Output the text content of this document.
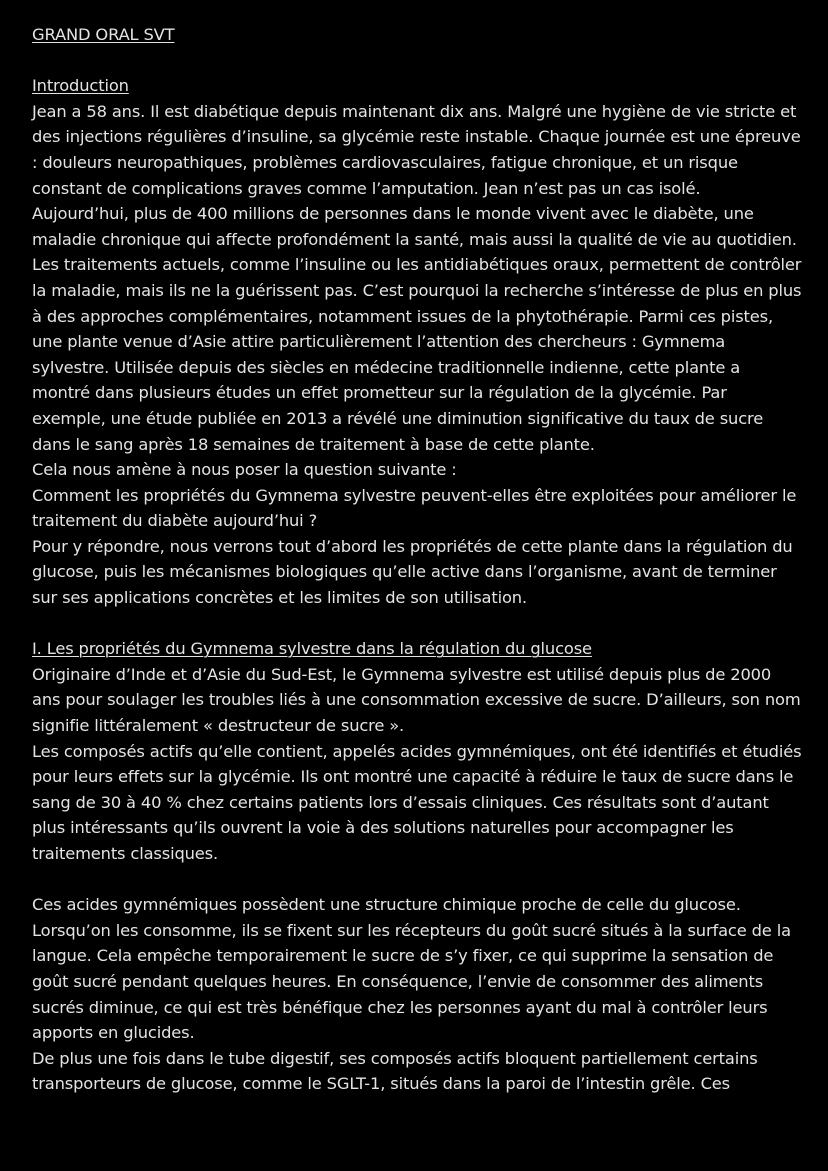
GRAND ORAL SVT

Introduction

Jean a 58 ans. Il est diabétique depuis maintenant dix ans. Malgré une hygiène de vie stricte et des injections régulières d’insuline, sa glycémie reste instable. Chaque journée est une épreuve : douleurs neuropathiques, problèmes cardiovasculaires, fatigue chronique, et un risque constant de complications graves comme l’amputation. Jean n’est pas un cas isolé. Aujourd’hui, plus de 400 millions de personnes dans le monde vivent avec le diabète, une maladie chronique qui affecte profondément la santé, mais aussi la qualité de vie au quotidien.

Les traitements actuels, comme l’insuline ou les antidiabétiques oraux, permettent de contrôler la maladie, mais ils ne la guérissent pas. C’est pourquoi la recherche s’intéresse de plus en plus à des approches complémentaires, notamment issues de la phytothérapie. Parmi ces pistes, une plante venue d’Asie attire particulièrement l’attention des chercheurs : Gymnema sylvestre. Utilisée depuis des siècles en médecine traditionnelle indienne, cette plante a montré dans plusieurs études un effet prometteur sur la régulation de la glycémie. Par exemple, une étude publiée en 2013 a révélé une diminution significative du taux de sucre dans le sang après 18 semaines de traitement à base de cette plante.

Cela nous amène à nous poser la question suivante :

Comment les propriétés du Gymnema sylvestre peuvent-elles être exploitées pour améliorer le traitement du diabète aujourd’hui ?

Pour y répondre, nous verrons tout d’abord les propriétés de cette plante dans la régulation du glucose, puis les mécanismes biologiques qu’elle active dans l’organisme, avant de terminer sur ses applications concrètes et les limites de son utilisation.

I. Les propriétés du Gymnema sylvestre dans la régulation du glucose

Originaire d’Inde et d’Asie du Sud-Est, le Gymnema sylvestre est utilisé depuis plus de 2000 ans pour soulager les troubles liés à une consommation excessive de sucre. D’ailleurs, son nom signifie littéralement « destructeur de sucre ».

Les composés actifs qu’elle contient, appelés acides gymnémiques, ont été identifiés et étudiés pour leurs effets sur la glycémie. Ils ont montré une capacité à réduire le taux de sucre dans le sang de 30 à 40 % chez certains patients lors d’essais cliniques. Ces résultats sont d’autant plus intéressants qu’ils ouvrent la voie à des solutions naturelles pour accompagner les traitements classiques.

Ces acides gymnémiques possèdent une structure chimique proche de celle du glucose. Lorsqu’on les consomme, ils se fixent sur les récepteurs du goût sucré situés à la surface de la langue. Cela empêche temporairement le sucre de s’y fixer, ce qui supprime la sensation de goût sucré pendant quelques heures. En conséquence, l’envie de consommer des aliments sucrés diminue, ce qui est très bénéfique chez les personnes ayant du mal à contrôler leurs apports en glucides.

De plus une fois dans le tube digestif, ses composés actifs bloquent partiellement certains transporteurs de glucose, comme le SGLT-1, situés dans la paroi de l’intestin grêle. Ces
